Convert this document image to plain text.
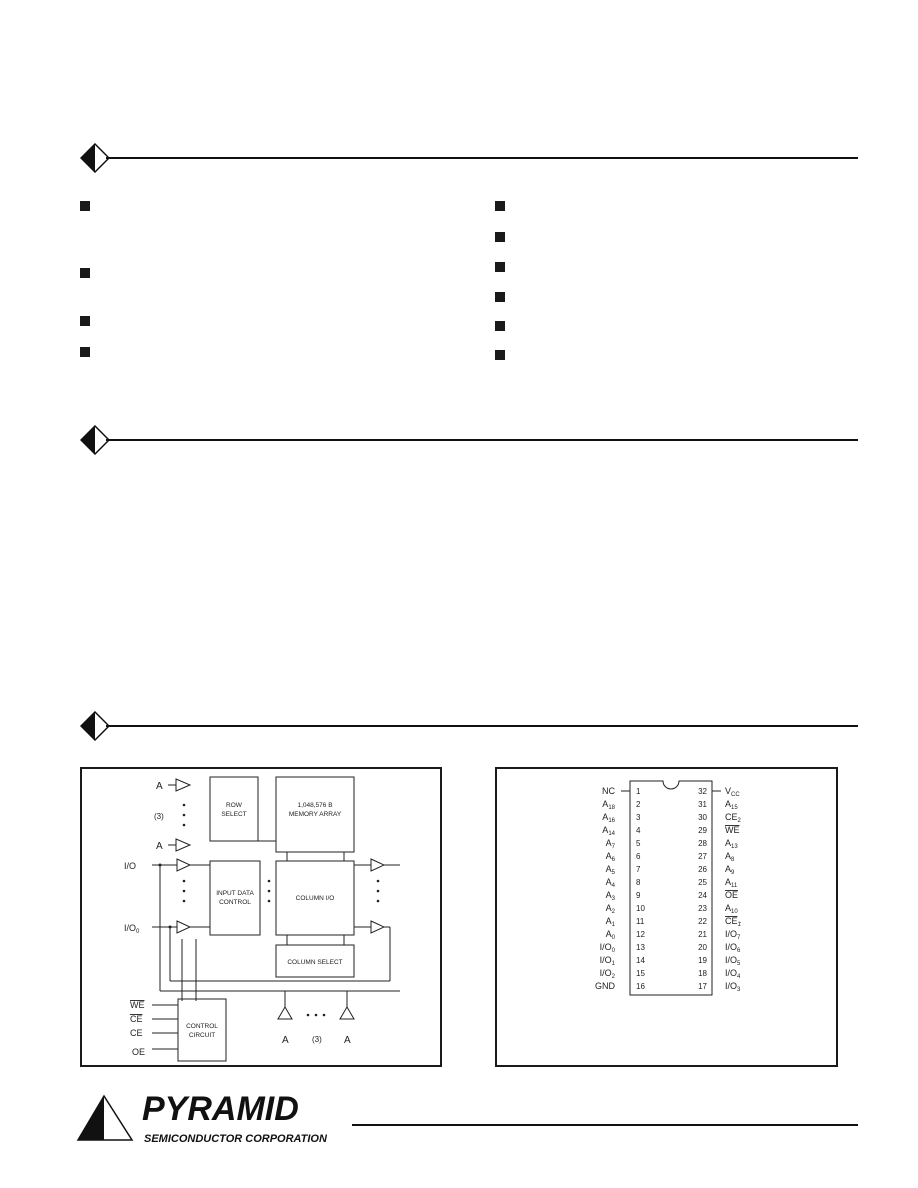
A
(3)
A
ROW
SELECT
1,048,576 B
MEMORY ARRAY
I/O
$I/O_0$
INPUT DATA
CONTROL
COLUMN I/O
COLUMN SELECT
WE
CE
CE
OE
CONTROL
CIRCUIT	A	(3) A
1
NC
2
$A_{18}$
3
$A_{16}$
4
$A_{14}$
5
$A_7$
6
$A_6$
7
$A_5$
8
$A_4$
9
$A_3$
10
$A_2$
11
$A_1$
12
$A_0$
13
$I/O_0$
14
$I/O_1$
15
$I/O_2$
16
GND
32 $V_{CC}$
31 $A_{15}$
30 $CE_2$
29 WE
28 $A_{13}$
27 $A_8$
26 $A_9$
25 $A_{11}$
24 OE
23 $A_{10}$
22 $CE_1$
21 $I/O_7$
20 $I/O_6$
19 $I/O_5$
18 $I/O_4$
17 $I/O_3$
PYRAMID
SEMICONDUCTOR CORPORATION
